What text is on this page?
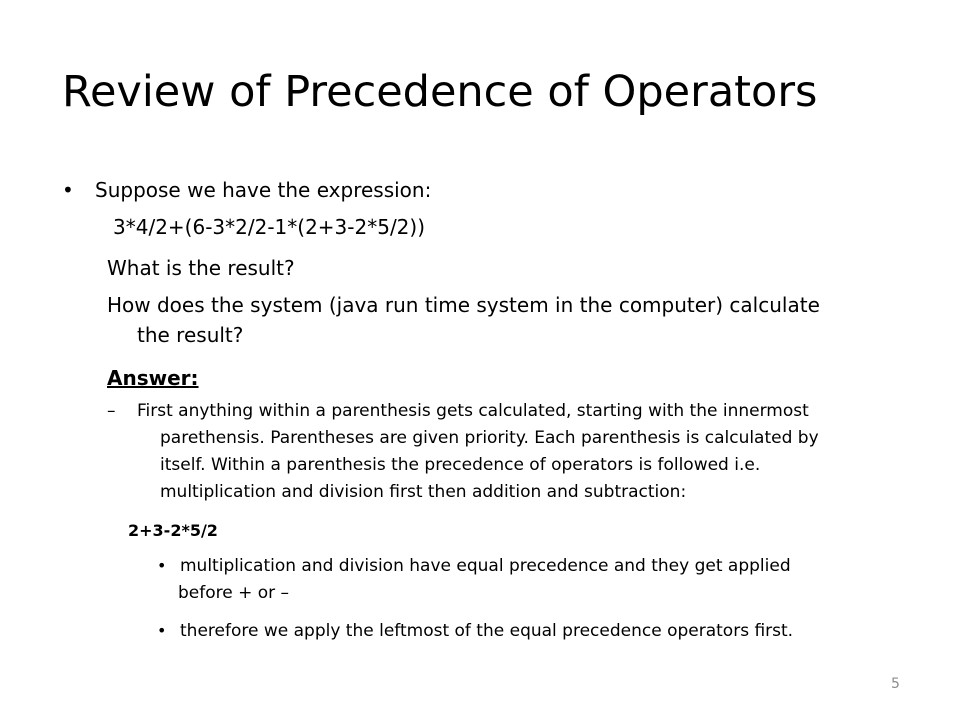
Review of Precedence of Operators
• Suppose we have the expression:
3*4/2+(6-3*2/2-1*(2+3-2*5/2))
What is the result?
How does the system (java run time system in the computer) calculate
the result?
Answer:
– First anything within a parenthesis gets calculated, starting with the innermost
parethensis. Parentheses are given priority. Each parenthesis is calculated by
itself. Within a parenthesis the precedence of operators is followed i.e.
multiplication and division first then addition and subtraction:
2+3-2*5/2
• multiplication and division have equal precedence and they get applied
before + or –
• therefore we apply the leftmost of the equal precedence operators first.
5
